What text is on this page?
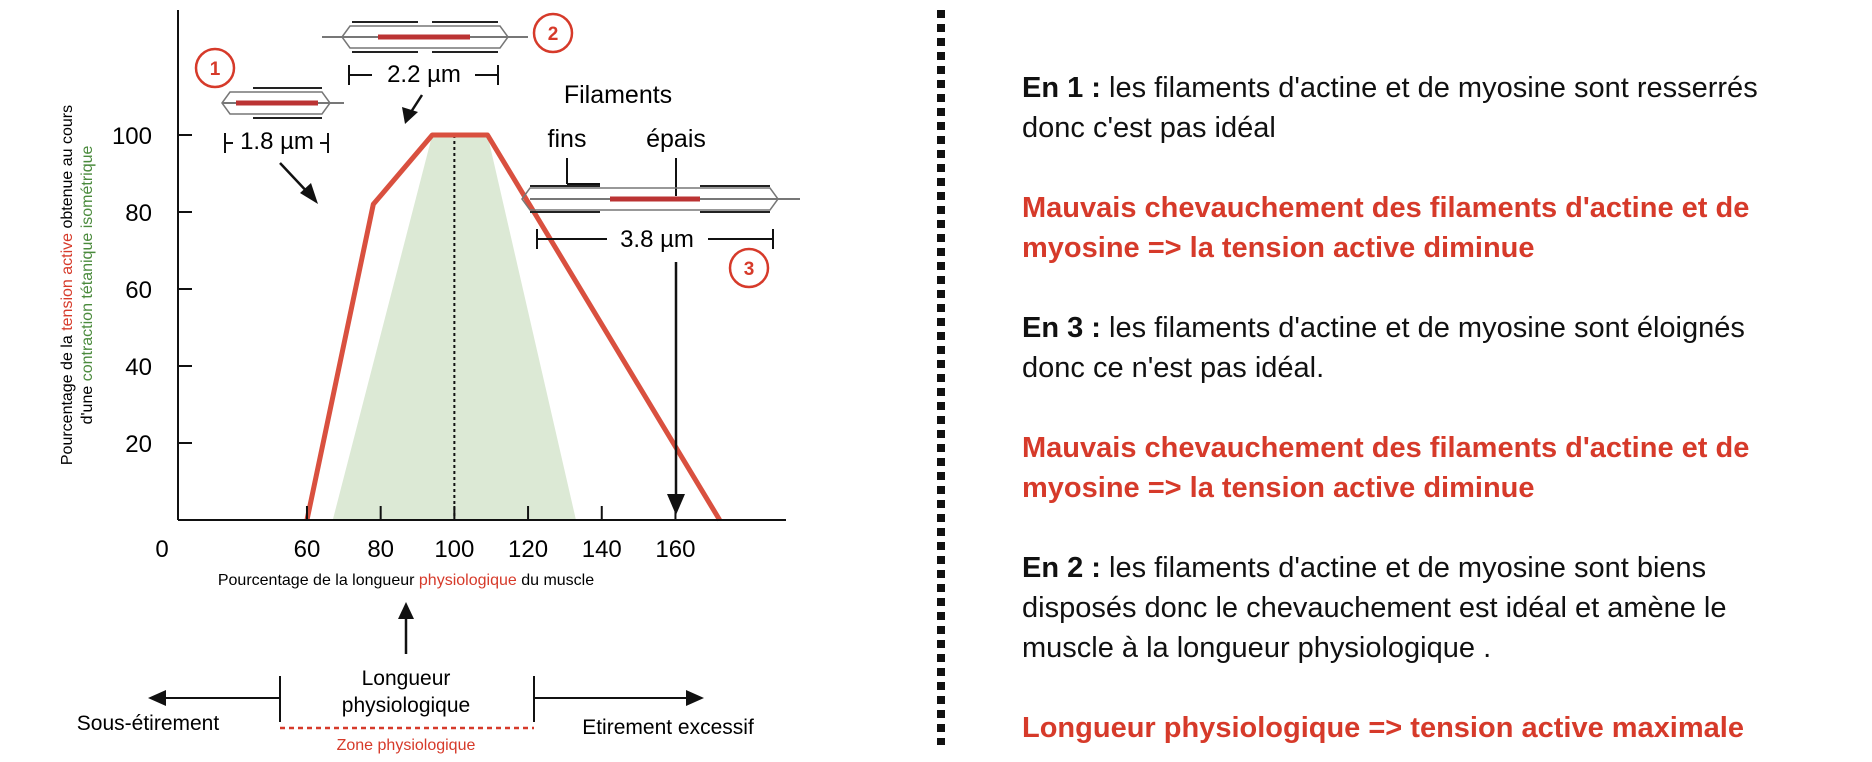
60 80 100 120 140 160
20
40
60
80
100
0
Pourcentage de la longueur physiologique du muscle
Pourcentage de la tension active obtenue au cours
d'une contraction tétanique isométrique
1
1.8 µm
2
2.2 µm
Filaments
fins épais
3.8 µm
3
Longueur
physiologique
Zone physiologique
Sous-étirement	Etirement excessif

En 1 : les filaments d'actine et de myosine sont resserrés
donc c'est pas idéal

Mauvais chevauchement des filaments d'actine et de
myosine => la tension active diminue

En 3 : les filaments d'actine et de myosine sont éloignés
donc ce n'est pas idéal.

Mauvais chevauchement des filaments d'actine et de
myosine => la tension active diminue

En 2 : les filaments d'actine et de myosine sont biens
disposés donc le chevauchement est idéal et amène le
muscle à la longueur physiologique .

Longueur physiologique => tension active maximale
